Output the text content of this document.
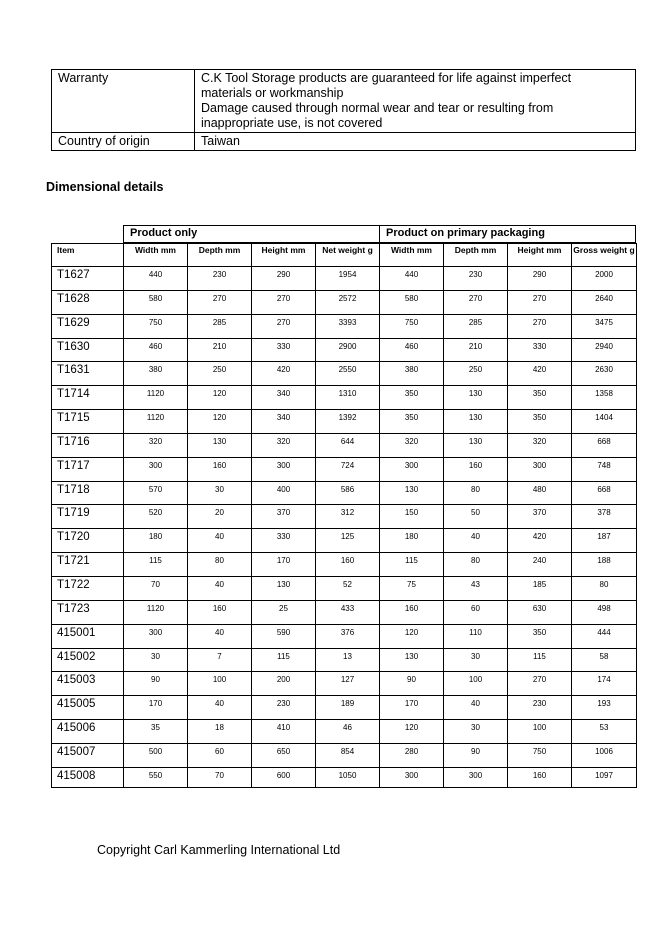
Warranty	C.K Tool Storage products are guaranteed for life against imperfect
materials or workmanship
Damage caused through normal wear and tear or resulting from
inappropriate use, is not covered

Country of origin	Taiwan
Dimensional details
Product only	Product on primary packaging
Item	Width mm	Depth mm	Height mm	Net weight g	Width mm	Depth mm	Height mm	Gross weight g
T1627	440	230	290	1954	440	230	290	2000
T1628	580	270	270	2572	580	270	270	2640
T1629	750	285	270	3393	750	285	270	3475
T1630	460	210	330	2900	460	210	330	2940
T1631	380	250	420	2550	380	250	420	2630
T1714	1120	120	340	1310	350	130	350	1358
T1715	1120	120	340	1392	350	130	350	1404
T1716	320	130	320	644	320	130	320	668
T1717	300	160	300	724	300	160	300	748
T1718	570	30	400	586	130	80	480	668
T1719	520	20	370	312	150	50	370	378
T1720	180	40	330	125	180	40	420	187
T1721	115	80	170	160	115	80	240	188
T1722	70	40	130	52	75	43	185	80
T1723	1120	160	25	433	160	60	630	498
415001	300	40	590	376	120	110	350	444
415002	30	7	115	13	130	30	115	58
415003	90	100	200	127	90	100	270	174
415005	170	40	230	189	170	40	230	193
415006	35	18	410	46	120	30	100	53
415007	500	60	650	854	280	90	750	1006
415008	550	70	600	1050	300	300	160	1097
Copyright Carl Kammerling International Ltd
